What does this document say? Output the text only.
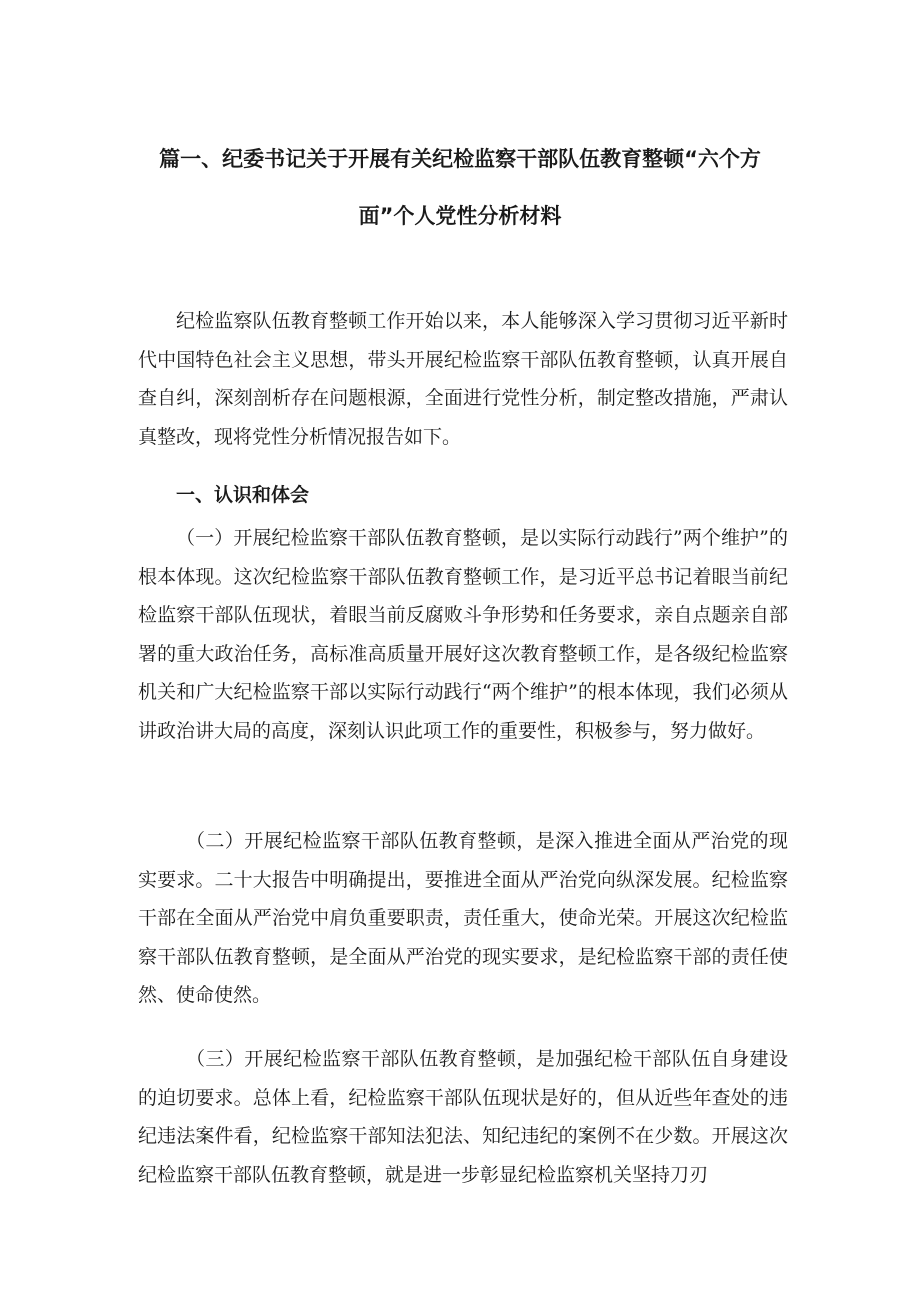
篇一、纪委书记关于开展有关纪检监察干部队伍教育整顿“六个方
面”个人党性分析材料

纪检监察队伍教育整顿工作开始以来，本人能够深入学习贯彻习近平新时代中国特色社会主义思想，带头开展纪检监察干部队伍教育整顿，认真开展自查自纠，深刻剖析存在问题根源，全面进行党性分析，制定整改措施，严肃认真整改，现将党性分析情况报告如下。

一、认识和体会

（一）开展纪检监察干部队伍教育整顿，是以实际行动践行”两个维护”的根本体现。这次纪检监察干部队伍教育整顿工作，是习近平总书记着眼当前纪检监察干部队伍现状，着眼当前反腐败斗争形势和任务要求，亲自点题亲自部署的重大政治任务，高标准高质量开展好这次教育整顿工作，是各级纪检监察机关和广大纪检监察干部以实际行动践行“两个维护”的根本体现，我们必须从讲政治讲大局的高度，深刻认识此项工作的重要性，积极参与，努力做好。

（二）开展纪检监察干部队伍教育整顿，是深入推进全面从严治党的现实要求。二十大报告中明确提出，要推进全面从严治党向纵深发展。纪检监察干部在全面从严治党中肩负重要职责，责任重大，使命光荣。开展这次纪检监察干部队伍教育整顿，是全面从严治党的现实要求，是纪检监察干部的责任使然、使命使然。

（三）开展纪检监察干部队伍教育整顿，是加强纪检干部队伍自身建设的迫切要求。总体上看，纪检监察干部队伍现状是好的，但从近些年查处的违纪违法案件看，纪检监察干部知法犯法、知纪违纪的案例不在少数。开展这次纪检监察干部队伍教育整顿，就是进一步彰显纪检监察机关坚持刀刃
